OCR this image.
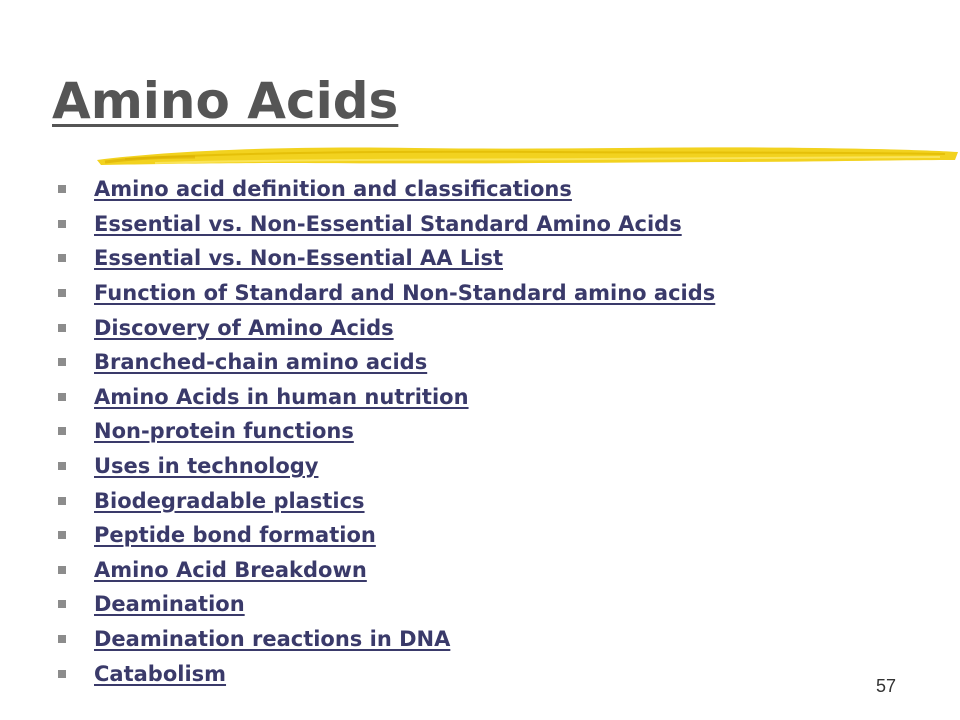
Amino Acids
Amino acid definition and classifications
Essential vs. Non-Essential Standard Amino Acids
Essential vs. Non-Essential AA List
Function of Standard and Non-Standard amino acids
Discovery of Amino Acids
Branched-chain amino acids
Amino Acids in human nutrition
Non-protein functions
Uses in technology
Biodegradable plastics
Peptide bond formation
Amino Acid Breakdown
Deamination
Deamination reactions in DNA
Catabolism
57
